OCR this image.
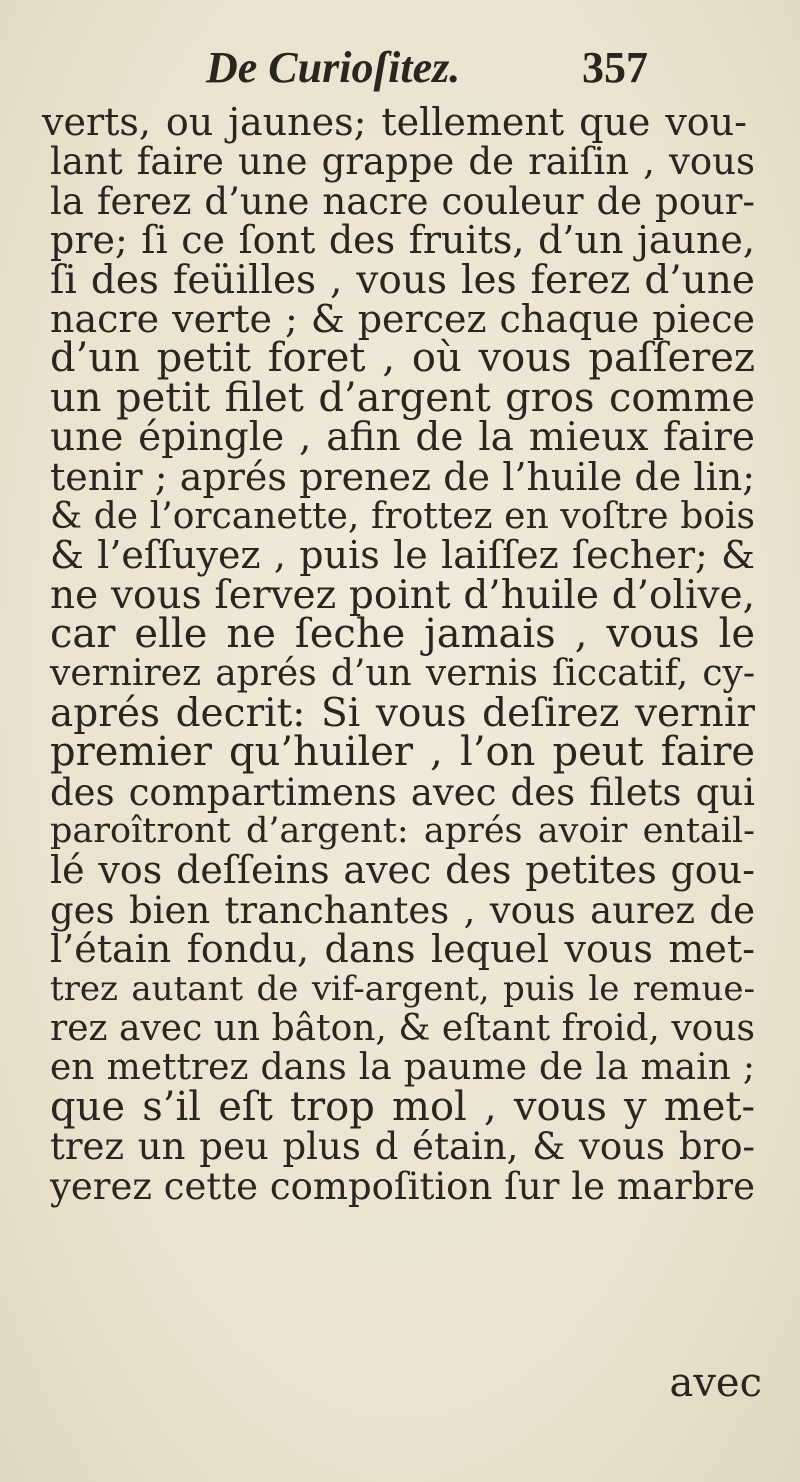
De Curioſitez.	357
verts, ou jaunes; tellement que vou-
lant faire une grappe de raiſin , vous
la ferez d’une nacre couleur de pour-
pre; ſi ce ſont des fruits, d’un jaune,
ſi des feüilles , vous les ferez d’une
nacre verte ; & percez chaque piece
d’un petit foret , où vous paſſerez
un petit filet d’argent gros comme
une épingle , afin de la mieux faire
tenir ; aprés prenez de l’huile de lin;
& de l’orcanette, frottez en voſtre bois
& l’eſſuyez , puis le laiſſez ſecher; &
ne vous ſervez point d’huile d’olive,
car elle ne ſeche jamais , vous le
vernirez aprés d’un vernis ſiccatif, cy-
aprés decrit: Si vous deſirez vernir
premier qu’huiler , l’on peut faire
des compartimens avec des filets qui
paroîtront d’argent: aprés avoir entail-
lé vos deſſeins avec des petites gou-
ges bien tranchantes , vous aurez de
l’étain fondu, dans lequel vous met-
trez autant de vif-argent, puis le remue-
rez avec un bâton, & eſtant froid, vous
en mettrez dans la paume de la main ;
que s’il eſt trop mol , vous y met-
trez un peu plus d étain, & vous bro-
yerez cette compoſition ſur le marbre
avec
